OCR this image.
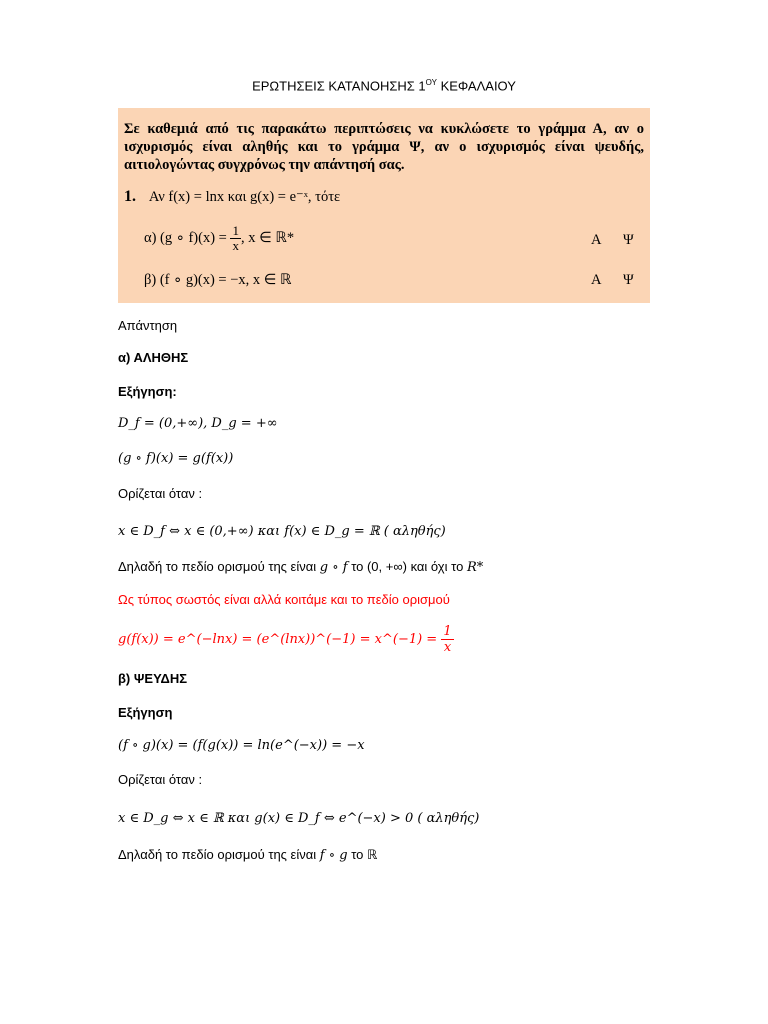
ΕΡΩΤΗΣΕΙΣ ΚΑΤΑΝΟΗΣΗΣ $1^{O\Upsilon}$ ΚΕΦΑΛΑΙΟΥ
Σε καθεμιά από τις παρακάτω περιπτώσεις να κυκλώσετε το γράμμα Α, αν ο ισχυρισμός είναι αληθής και το γράμμα Ψ, αν ο ισχυρισμός είναι ψευδής, αιτιολογώντας συγχρόνως την απάντησή σας.
1. Αν f(x) = lnx και g(x) = e⁻ˣ, τότε
α) (g ∘ $f)(x) = \frac{1}{x}$ , x ∈ ℝ*	Α Ψ
β) (f ∘ g)(x) = −x, x ∈ ℝ	Α Ψ
Απάντηση
α) ΑΛΗΘΗΣ
Εξήγηση:
D_f = (0,+∞), D_g = +∞
(g ∘ f)(x) = g(f(x))
Ορίζεται όταν :
x ∈ D_f ⇔ x ∈ (0,+∞) και f(x) ∈ D_g = ℝ ( αληθής)
Δηλαδή το πεδίο ορισμού της είναι g ∘ f το (0, +∞) και όχι το R*
Ως τύπος σωστός είναι αλλά κοιτάμε και το πεδίο ορισμού
g(f(x)) = e^(−lnx) = (e^(lnx))^(−1) = x^(−1) = $\frac{1}{x}$
β) ΨΕΥΔΗΣ
Εξήγηση
(f ∘ g)(x) = (f(g(x)) = ln(e^(−x)) = −x
Ορίζεται όταν :
x ∈ D_g ⇔ x ∈ ℝ και g(x) ∈ D_f ⇔ e^(−x) > 0 ( αληθής)
Δηλαδή το πεδίο ορισμού της είναι f ∘ g το ℝ
